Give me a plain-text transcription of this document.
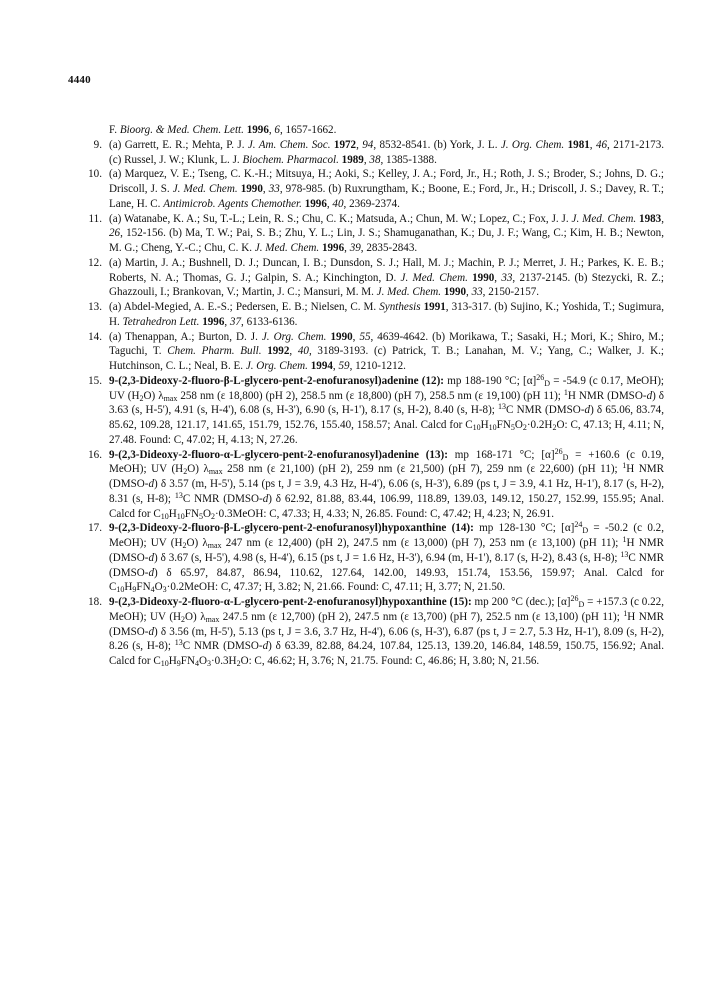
4440
F. Bioorg. & Med. Chem. Lett. 1996, 6, 1657-1662.
9. (a) Garrett, E. R.; Mehta, P. J. J. Am. Chem. Soc. 1972, 94, 8532-8541. (b) York, J. L. J. Org. Chem. 1981, 46, 2171-2173. (c) Russel, J. W.; Klunk, L. J. Biochem. Pharmacol. 1989, 38, 1385-1388.
10. (a) Marquez, V. E.; Tseng, C. K.-H.; Mitsuya, H.; Aoki, S.; Kelley, J. A.; Ford, Jr., H.; Roth, J. S.; Broder, S.; Johns, D. G.; Driscoll, J. S. J. Med. Chem. 1990, 33, 978-985. (b) Ruxrungtham, K.; Boone, E.; Ford, Jr., H.; Driscoll, J. S.; Davey, R. T.; Lane, H. C. Antimicrob. Agents Chemother. 1996, 40, 2369-2374.
11. (a) Watanabe, K. A.; Su, T.-L.; Lein, R. S.; Chu, C. K.; Matsuda, A.; Chun, M. W.; Lopez, C.; Fox, J. J. J. Med. Chem. 1983, 26, 152-156. (b) Ma, T. W.; Pai, S. B.; Zhu, Y. L.; Lin, J. S.; Shamuganathan, K.; Du, J. F.; Wang, C.; Kim, H. B.; Newton, M. G.; Cheng, Y.-C.; Chu, C. K. J. Med. Chem. 1996, 39, 2835-2843.
12. (a) Martin, J. A.; Bushnell, D. J.; Duncan, I. B.; Dunsdon, S. J.; Hall, M. J.; Machin, P. J.; Merret, J. H.; Parkes, K. E. B.; Roberts, N. A.; Thomas, G. J.; Galpin, S. A.; Kinchington, D. J. Med. Chem. 1990, 33, 2137-2145. (b) Stezycki, R. Z.; Ghazzouli, I.; Brankovan, V.; Martin, J. C.; Mansuri, M. M. J. Med. Chem. 1990, 33, 2150-2157.
13. (a) Abdel-Megied, A. E.-S.; Pedersen, E. B.; Nielsen, C. M. Synthesis 1991, 313-317. (b) Sujino, K.; Yoshida, T.; Sugimura, H. Tetrahedron Lett. 1996, 37, 6133-6136.
14. (a) Thenappan, A.; Burton, D. J. J. Org. Chem. 1990, 55, 4639-4642. (b) Morikawa, T.; Sasaki, H.; Mori, K.; Shiro, M.; Taguchi, T. Chem. Pharm. Bull. 1992, 40, 3189-3193. (c) Patrick, T. B.; Lanahan, M. V.; Yang, C.; Walker, J. K.; Hutchinson, C. L.; Neal, B. E. J. Org. Chem. 1994, 59, 1210-1212.
15. 9-(2,3-Dideoxy-2-fluoro-β-L-glycero-pent-2-enofuranosyl)adenine (12): mp 188-190 °C; $[\alpha]^{26}D = -54.9$ (c 0.17, MeOH); UV (H2O) λmax 258 nm (ε 18,800) (pH 2), 258.5 nm (ε 18,800) (pH 7), 258.5 nm (ε 19,100) (pH 11); $^1$H NMR (DMSO-d) δ 3.63 (s, H-5'), 4.91 (s, H-4'), 6.08 (s, H-3'), 6.90 (s, H-1'), 8.17 (s, H-2), 8.40 (s, H-8); $^{13}$C NMR (DMSO-d) δ 65.06, 83.74, 85.62, 109.28, 121.17, 141.65, 151.79, 152.76, 155.40, 158.57; Anal. Calcd for C10H10FN5O2·0.2H2O: C, 47.13; H, 4.11; N, 27.48. Found: C, 47.02; H, 4.13; N, 27.26.
16. 9-(2,3-Dideoxy-2-fluoro-α-L-glycero-pent-2-enofuranosyl)adenine (13): mp 168-171 °C; $[\alpha]^{26}D = +160.6$ (c 0.19, MeOH); UV (H2O) λmax 258 nm (ε 21,100) (pH 2), 259 nm (ε 21,500) (pH 7), 259 nm (ε 22,600) (pH 11); $^1$H NMR (DMSO-d) δ 3.57 (m, H-5'), 5.14 (ps t, J = 3.9, 4.3 Hz, H-4'), 6.06 (s, H-3'), 6.89 (ps t, J = 3.9, 4.1 Hz, H-1'), 8.17 (s, H-2), 8.31 (s, H-8); $^{13}$C NMR (DMSO-d) δ 62.92, 81.88, 83.44, 106.99, 118.89, 139.03, 149.12, 150.27, 152.99, 155.95; Anal. Calcd for C10H10FN5O2·0.3MeOH: C, 47.33; H, 4.33; N, 26.85. Found: C, 47.42; H, 4.23; N, 26.91.
17. 9-(2,3-Dideoxy-2-fluoro-β-L-glycero-pent-2-enofuranosyl)hypoxanthine (14): mp 128-130 °C; $[\alpha]^{24}D = -50.2$ (c 0.2, MeOH); UV (H2O) λmax 247 nm (ε 12,400) (pH 2), 247.5 nm (ε 13,000) (pH 7), 253 nm (ε 13,100) (pH 11); $^1$H NMR (DMSO-d) δ 3.67 (s, H-5'), 4.98 (s, H-4'), 6.15 (ps t, J = 1.6 Hz, H-3'), 6.94 (m, H-1'), 8.17 (s, H-2), 8.43 (s, H-8); $^{13}$C NMR (DMSO-d) δ 65.97, 84.87, 86.94, 110.62, 127.64, 142.00, 149.93, 151.74, 153.56, 159.97; Anal. Calcd for C10H9FN4O3·0.2MeOH: C, 47.37; H, 3.82; N, 21.66. Found: C, 47.11; H, 3.77; N, 21.50.
18. 9-(2,3-Dideoxy-2-fluoro-α-L-glycero-pent-2-enofuranosyl)hypoxanthine (15): mp 200 °C (dec.); $[\alpha]^{26}D = +157.3$ (c 0.22, MeOH); UV (H2O) λmax 247.5 nm (ε 12,700) (pH 2), 247.5 nm (ε 13,700) (pH 7), 252.5 nm (ε 13,100) (pH 11); $^1$H NMR (DMSO-d) δ 3.56 (m, H-5'), 5.13 (ps t, J = 3.6, 3.7 Hz, H-4'), 6.06 (s, H-3'), 6.87 (ps t, J = 2.7, 5.3 Hz, H-1'), 8.09 (s, H-2), 8.26 (s, H-8); $^{13}$C NMR (DMSO-d) δ 63.39, 82.88, 84.24, 107.84, 125.13, 139.20, 146.84, 148.59, 150.75, 156.92; Anal. Calcd for C10H9FN4O3·0.3H2O: C, 46.62; H, 3.76; N, 21.75. Found: C, 46.86; H, 3.80; N, 21.56.
